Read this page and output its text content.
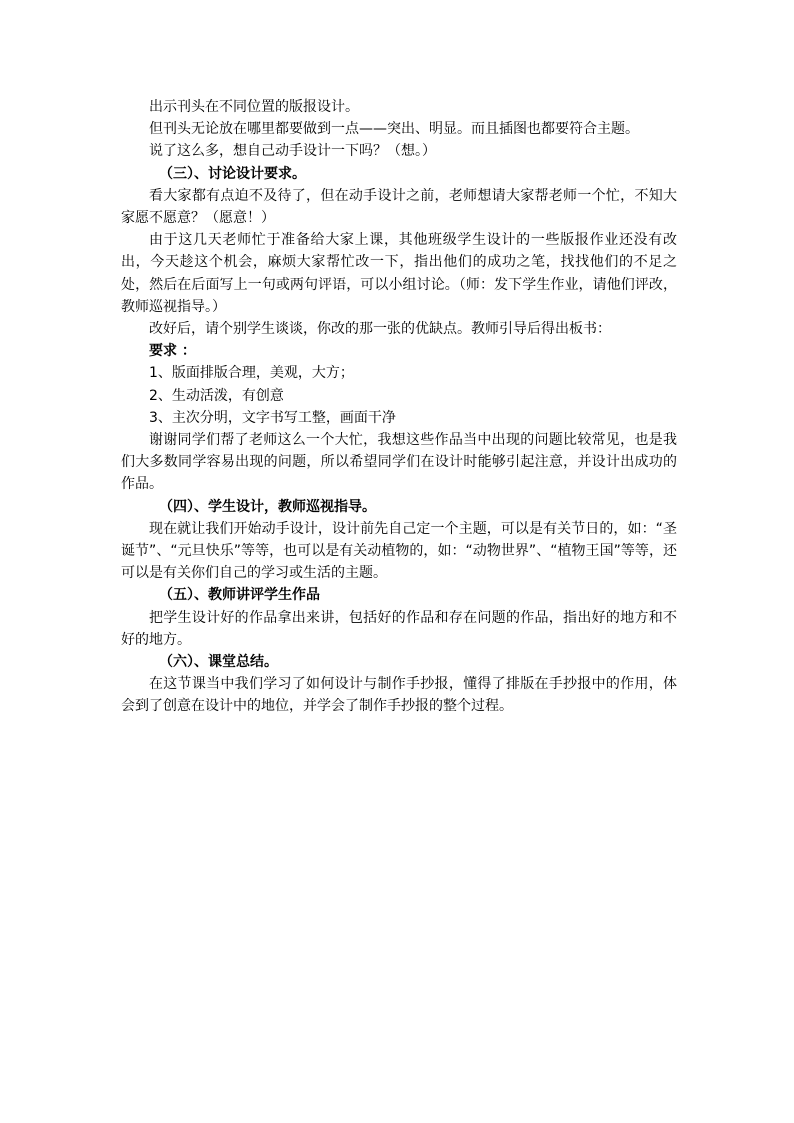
出示刊头在不同位置的版报设计。

但刊头无论放在哪里都要做到一点——突出、明显。而且插图也都要符合主题。

说了这么多，想自己动手设计一下吗？（想。）

（三）、讨论设计要求。

看大家都有点迫不及待了，但在动手设计之前，老师想请大家帮老师一个忙，不知大家愿不愿意？（愿意！）

由于这几天老师忙于准备给大家上课，其他班级学生设计的一些版报作业还没有改出，今天趁这个机会，麻烦大家帮忙改一下，指出他们的成功之笔，找找他们的不足之处，然后在后面写上一句或两句评语，可以小组讨论。（师：发下学生作业，请他们评改，教师巡视指导。）

改好后，请个别学生谈谈，你改的那一张的优缺点。教师引导后得出板书：

要求 ：

1、版面排版合理，美观，大方；

2、生动活泼，有创意

3、主次分明，文字书写工整，画面干净

谢谢同学们帮了老师这么一个大忙，我想这些作品当中出现的问题比较常见，也是我们大多数同学容易出现的问题，所以希望同学们在设计时能够引起注意，并设计出成功的作品。

（四）、学生设计，教师巡视指导。

现在就让我们开始动手设计，设计前先自己定一个主题，可以是有关节日的，如：“圣诞节”、“元旦快乐”等等，也可以是有关动植物的，如：“动物世界”、“植物王国”等等，还可以是有关你们自己的学习或生活的主题。

（五）、教师讲评学生作品

把学生设计好的作品拿出来讲，包括好的作品和存在问题的作品，指出好的地方和不好的地方。

（六）、课堂总结。

在这节课当中我们学习了如何设计与制作手抄报，懂得了排版在手抄报中的作用，体会到了创意在设计中的地位，并学会了制作手抄报的整个过程。
